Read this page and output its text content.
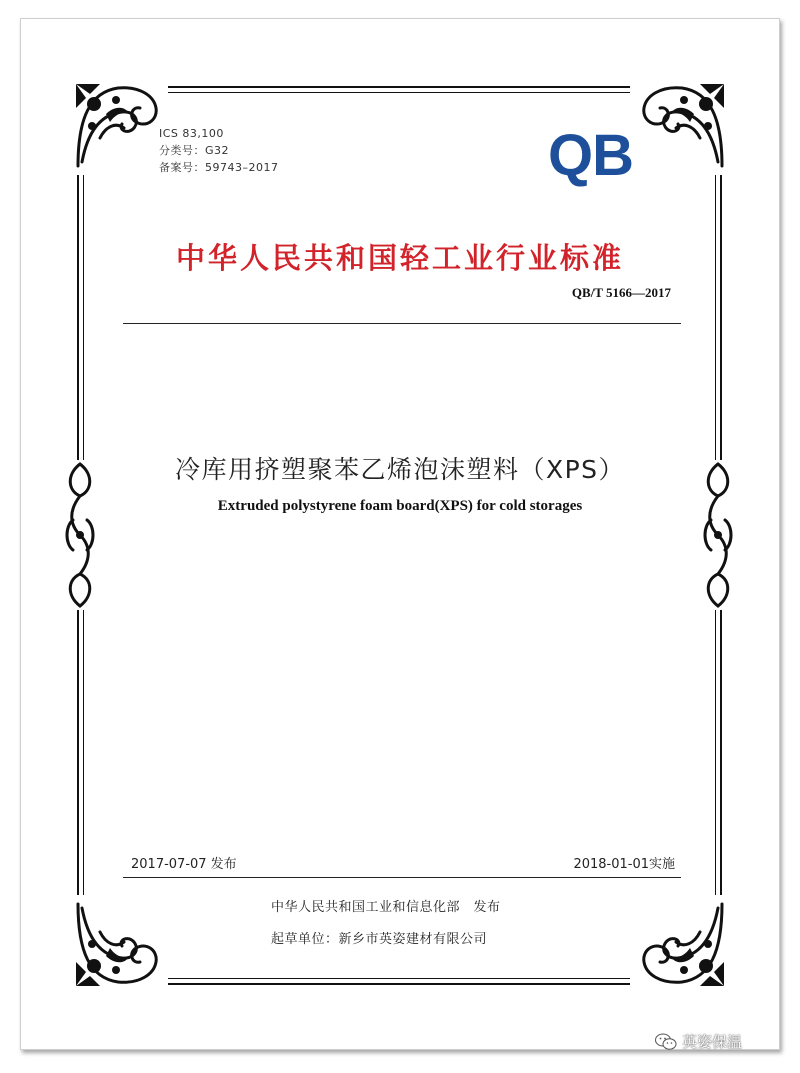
ICS 83,100
分类号：G32
备案号：59743–2017	QB
中华人民共和国轻工业行业标准
QB/T 5166—2017
冷库用挤塑聚苯乙烯泡沫塑料（XPS）
Extruded polystyrene foam board(XPS) for cold storages
2017-07-07 发布	2018-01-01实施
中华人民共和国工业和信息化部　发布
起草单位：新乡市英姿建材有限公司
英姿保温
